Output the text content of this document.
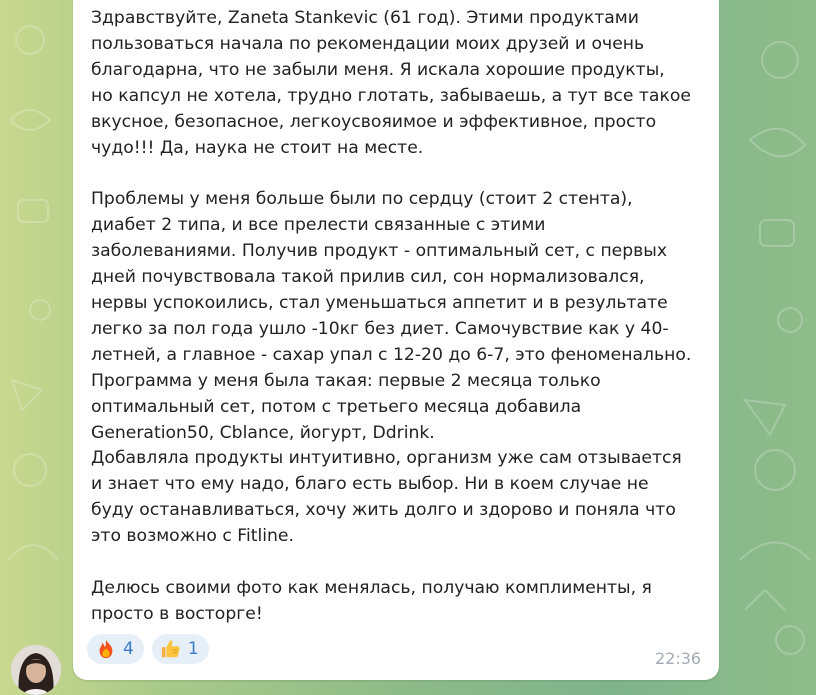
Здравствуйте, Zaneta Stankevic (61 год). Этими продуктами
пользоваться начала по рекомендации моих друзей и очень
благодарна, что не забыли меня. Я искала хорошие продукты,
но капсул не хотела, трудно глотать, забываешь, а тут все такое
вкусное, безопасное, легкоусвояимое и эффективное, просто
чудо!!! Да, наука не стоит на месте.

Проблемы у меня больше были по сердцу (стоит 2 стента),
диабет 2 типа, и все прелести связанные с этими
заболеваниями. Получив продукт - оптимальный сет, с первых
дней почувствовала такой прилив сил, сон нормализовался,
нервы успокоились, стал уменьшаться аппетит и в результате
легко за пол года ушло -10кг без диет. Самочувствие как у 40-
летней, а главное - сахар упал с 12-20 до 6-7, это феноменально.
Программа у меня была такая: первые 2 месяца только
оптимальный сет, потом с третьего месяца добавила
Generation50, Cblance, йогурт, Ddrink.
Добавляла продукты интуитивно, организм уже сам отзывается
и знает что ему надо, благо есть выбор. Ни в коем случае не
буду останавливаться, хочу жить долго и здорово и поняла что
это возможно с Fitline.

Делюсь своими фото как менялась, получаю комплименты, я
просто в восторге!
4	1	22:36
